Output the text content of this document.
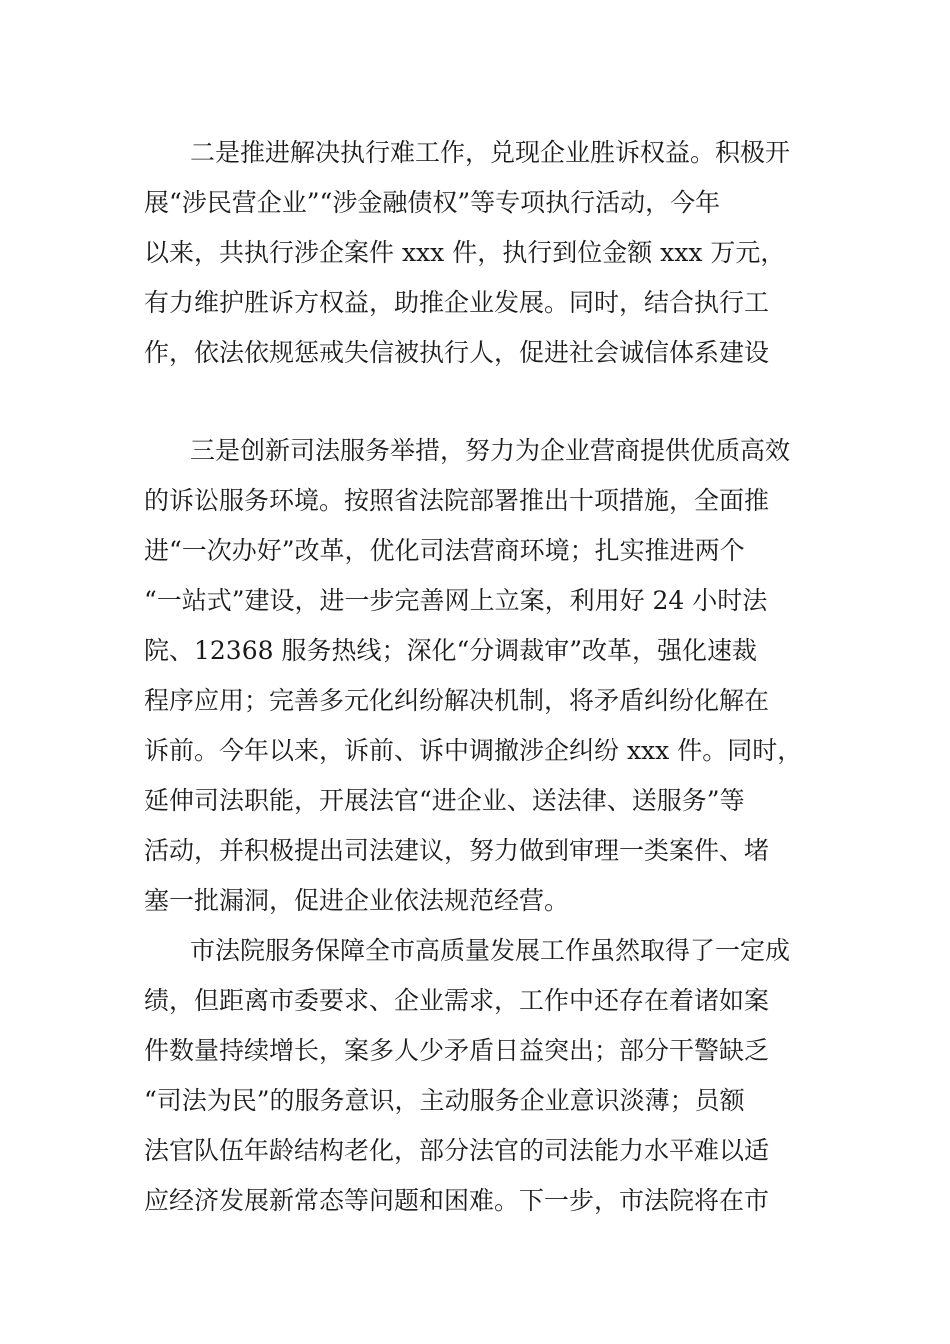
二是推进解决执行难工作，兑现企业胜诉权益。积极开
展“涉民营企业”“涉金融债权”等专项执行活动，今年
以来，共执行涉企案件 xxx 件，执行到位金额 xxx 万元，
有力维护胜诉方权益，助推企业发展。同时，结合执行工
作，依法依规惩戒失信被执行人，促进社会诚信体系建设
三是创新司法服务举措，努力为企业营商提供优质高效
的诉讼服务环境。按照省法院部署推出十项措施，全面推
进“一次办好”改革，优化司法营商环境；扎实推进两个
“一站式”建设，进一步完善网上立案，利用好 24 小时法
院、12368 服务热线；深化“分调裁审”改革，强化速裁
程序应用；完善多元化纠纷解决机制，将矛盾纠纷化解在
诉前。今年以来，诉前、诉中调撤涉企纠纷 xxx 件。同时，
延伸司法职能，开展法官“进企业、送法律、送服务”等
活动，并积极提出司法建议，努力做到审理一类案件、堵
塞一批漏洞，促进企业依法规范经营。
市法院服务保障全市高质量发展工作虽然取得了一定成
绩，但距离市委要求、企业需求，工作中还存在着诸如案
件数量持续增长，案多人少矛盾日益突出；部分干警缺乏
“司法为民”的服务意识，主动服务企业意识淡薄；员额
法官队伍年龄结构老化，部分法官的司法能力水平难以适
应经济发展新常态等问题和困难。下一步，市法院将在市
